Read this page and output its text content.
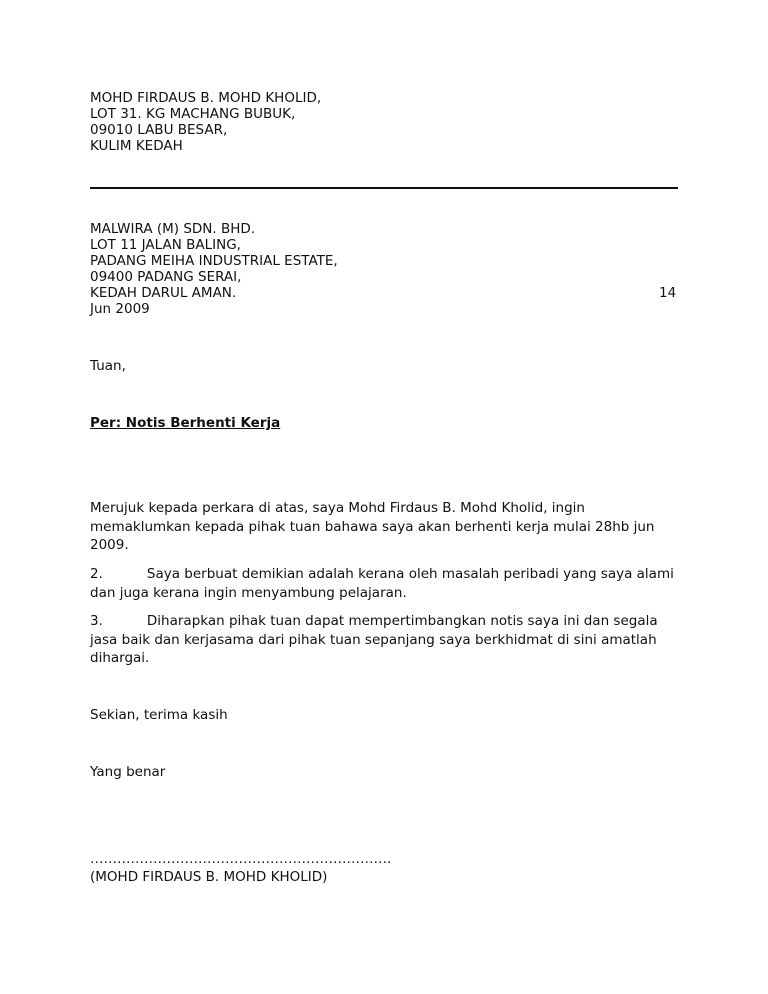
MOHD FIRDAUS B. MOHD KHOLID,
LOT 31. KG MACHANG BUBUK,
09010 LABU BESAR,
KULIM KEDAH
MALWIRA (M) SDN. BHD.
LOT 11 JALAN BALING,
PADANG MEIHA INDUSTRIAL ESTATE,
09400 PADANG SERAI,
KEDAH DARUL AMAN.	14
Jun 2009
Tuan,
Per: Notis Berhenti Kerja
Merujuk kepada perkara di atas, saya Mohd Firdaus B. Mohd Kholid, ingin memaklumkan kepada pihak tuan bahawa saya akan berhenti kerja mulai 28hb jun 2009.
2.	Saya berbuat demikian adalah kerana oleh masalah peribadi yang saya alami dan juga kerana ingin menyambung pelajaran.
3.	Diharapkan pihak tuan dapat mempertimbangkan notis saya ini dan segala jasa baik dan kerjasama dari pihak tuan sepanjang saya berkhidmat di sini amatlah dihargai.
Sekian, terima kasih
Yang benar
………………………………………………………….
(MOHD FIRDAUS B. MOHD KHOLID)
